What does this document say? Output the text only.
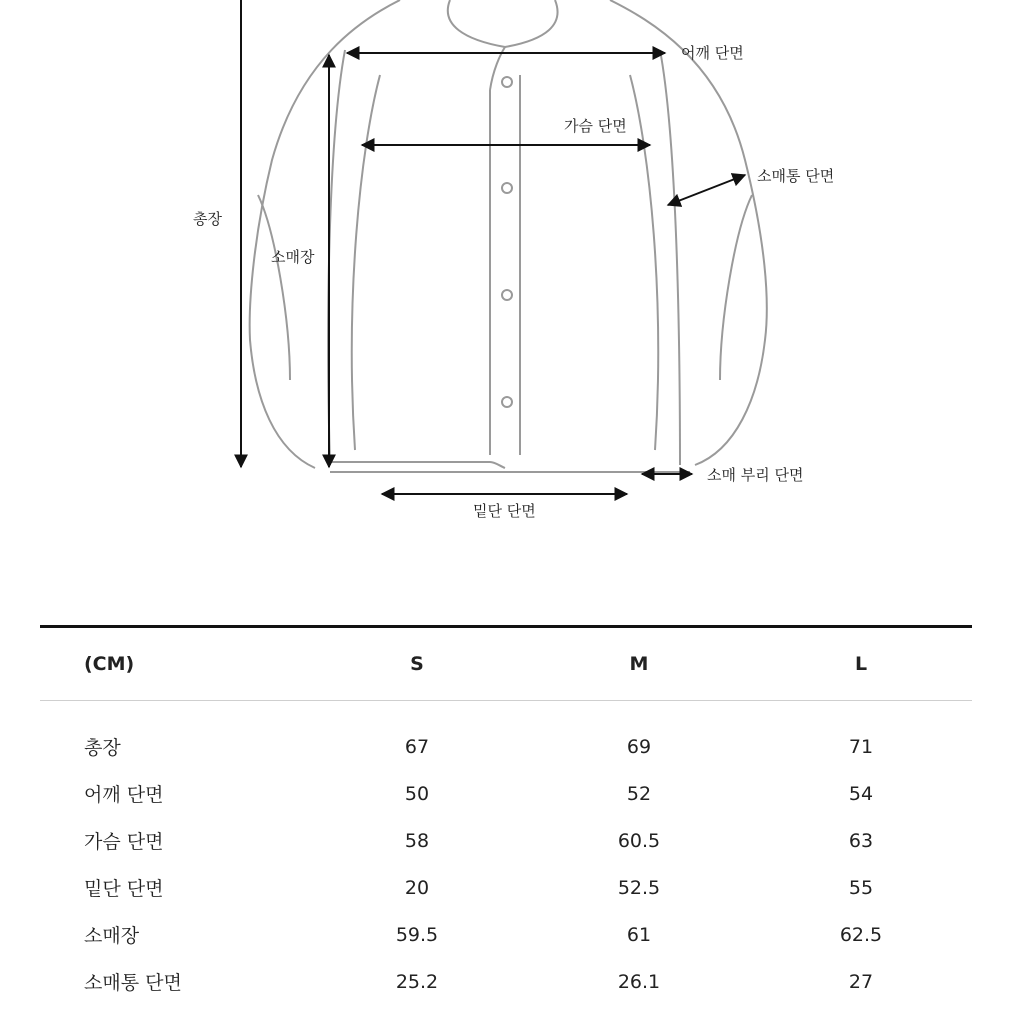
어깨 단면
가슴 단면
소매통 단면
총장
소매장
소매 부리 단면
밑단 단면
(CM)	S	M	L
총장	67	69	71
어깨 단면	50	52	54
가슴 단면	58	60.5	63
밑단 단면	20	52.5	55
소매장	59.5	61	62.5
소매통 단면	25.2	26.1	27
